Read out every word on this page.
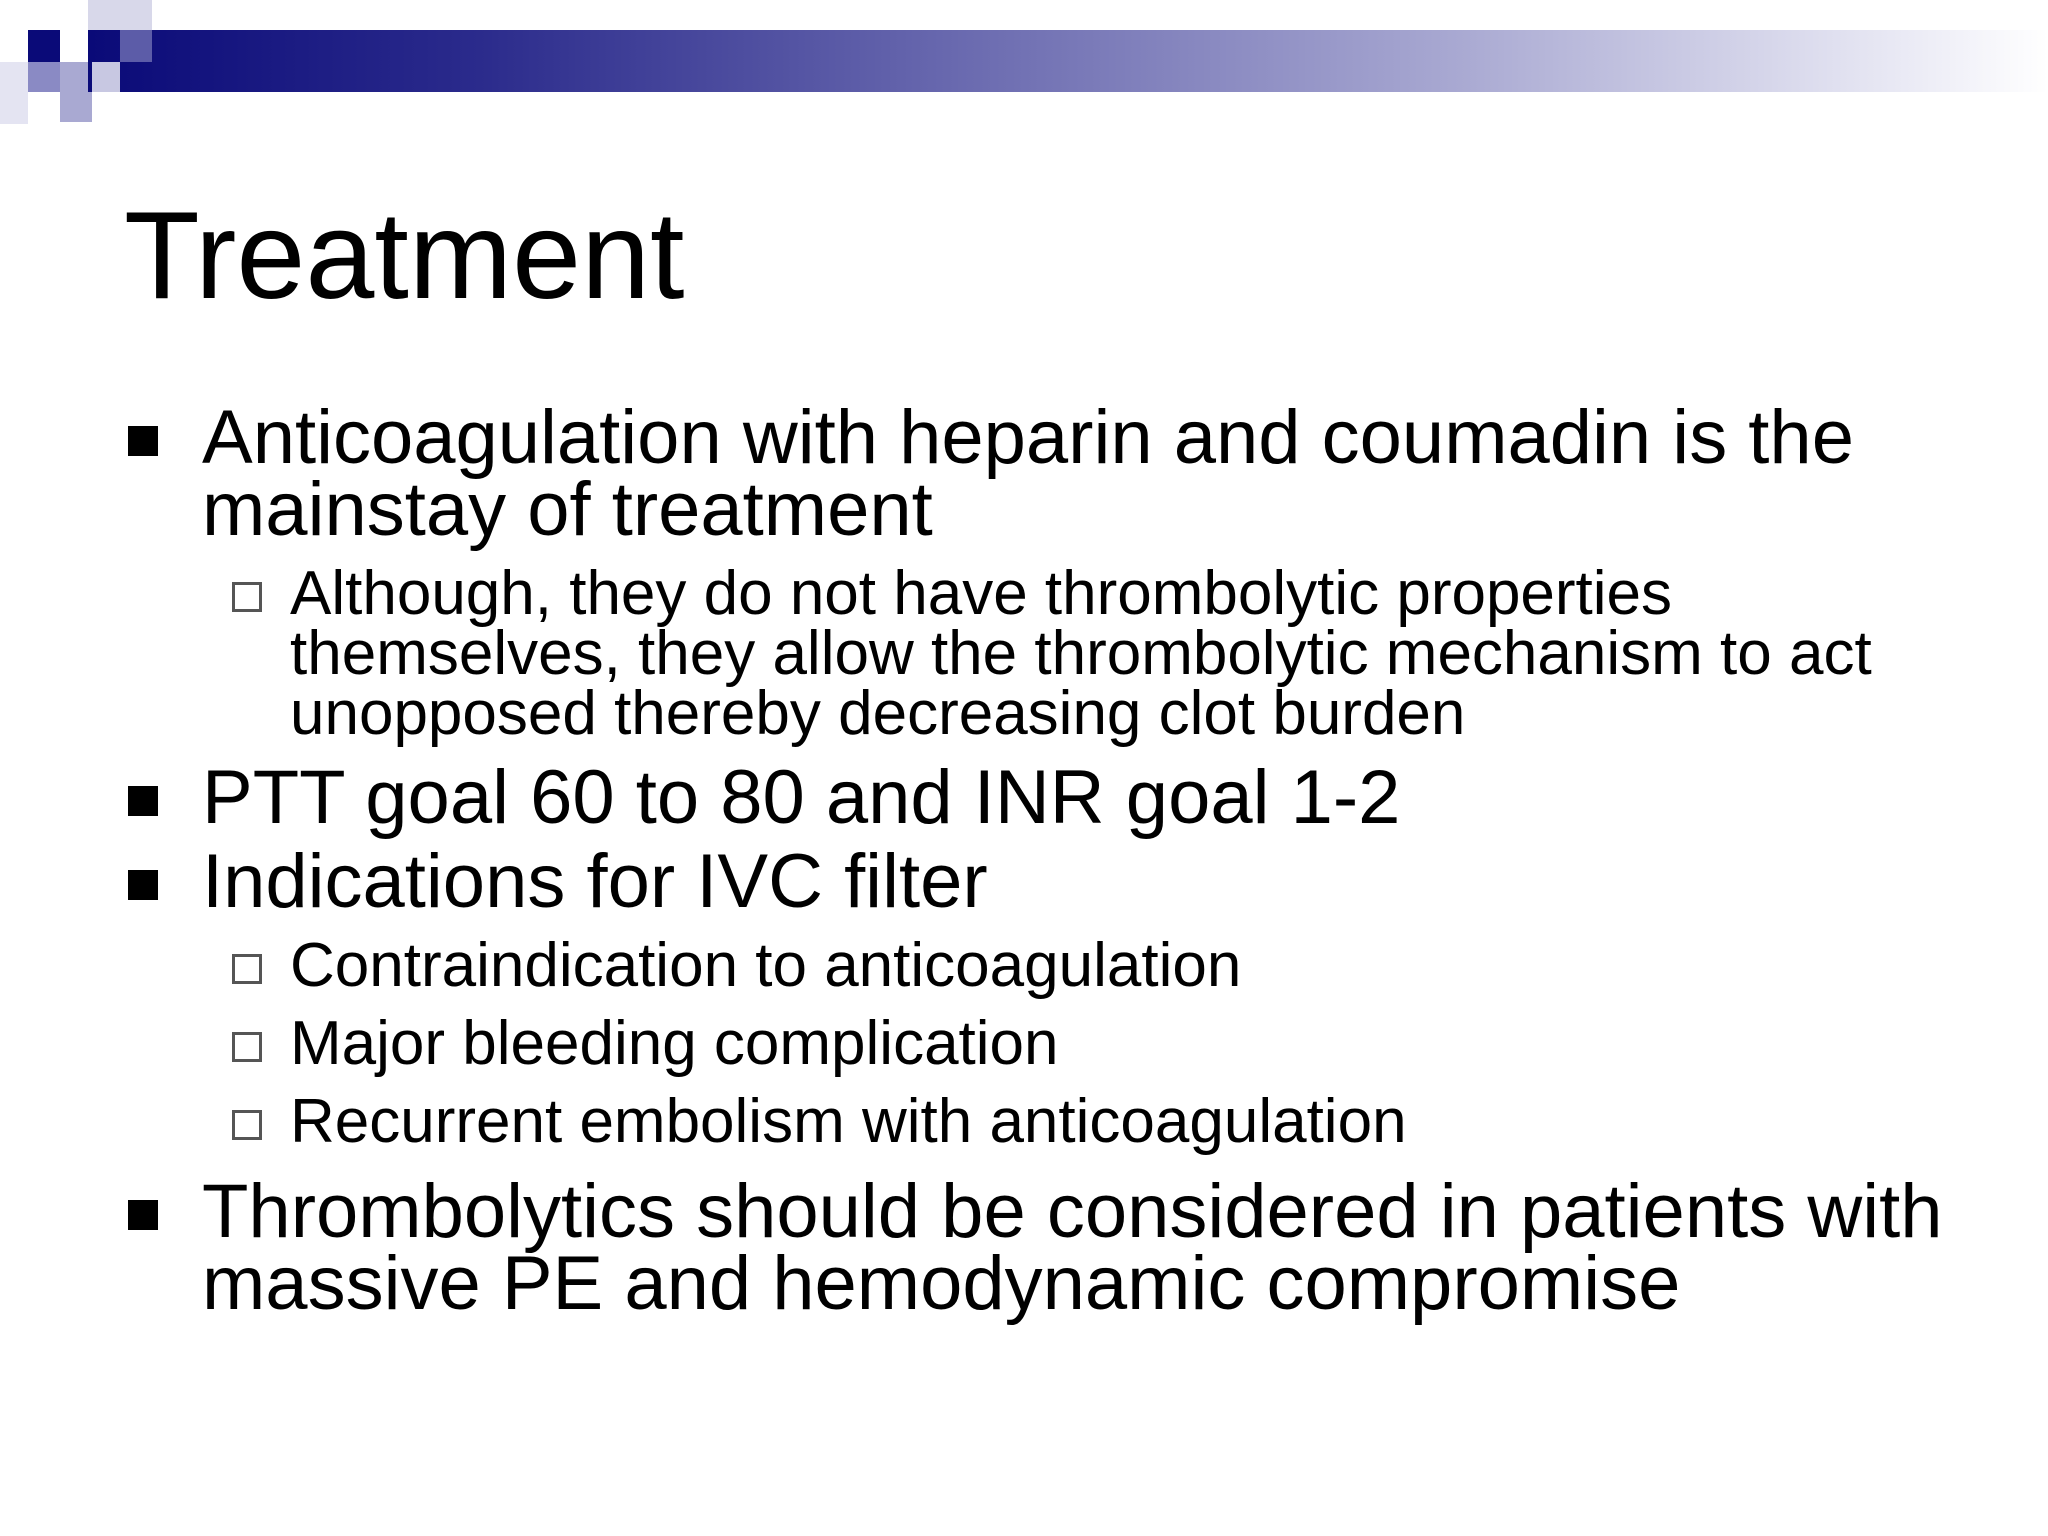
Treatment
Anticoagulation with heparin and coumadin is the mainstay of treatment
Although, they do not have thrombolytic properties themselves, they allow the thrombolytic mechanism to act unopposed thereby decreasing clot burden
PTT goal 60 to 80 and INR goal 1-2
Indications for IVC filter
Contraindication to anticoagulation
Major bleeding complication
Recurrent embolism with anticoagulation
Thrombolytics should be considered in patients with massive PE and hemodynamic compromise
